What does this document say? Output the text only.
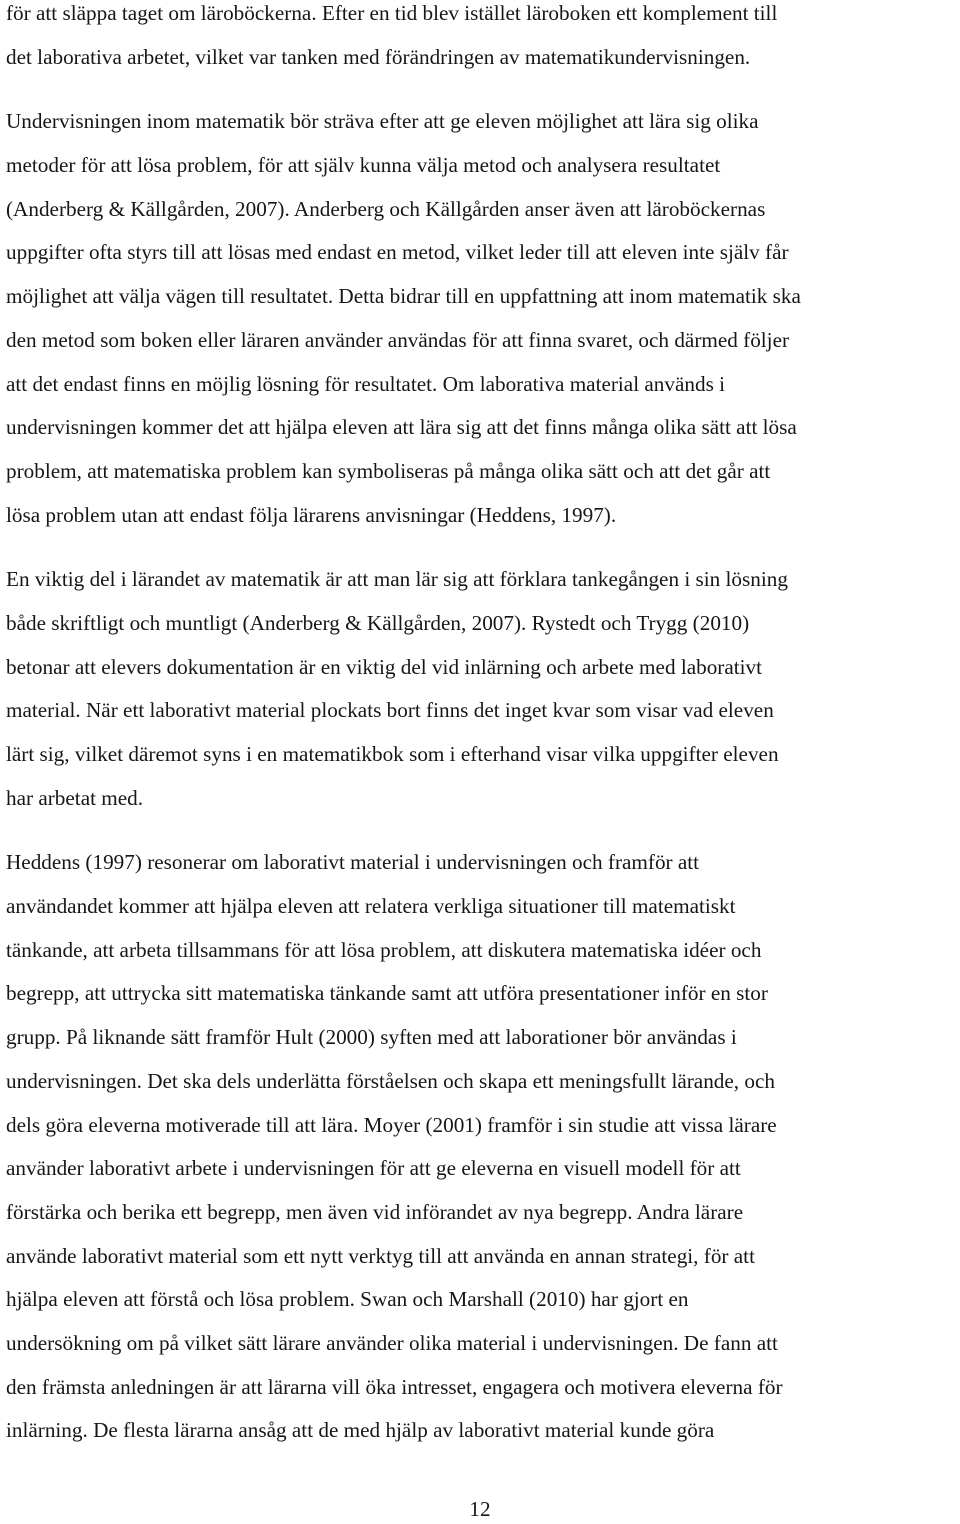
för att släppa taget om läroböckerna. Efter en tid blev istället läroboken ett komplement till
det laborativa arbetet, vilket var tanken med förändringen av matematikundervisningen.
Undervisningen inom matematik bör sträva efter att ge eleven möjlighet att lära sig olika
metoder för att lösa problem, för att själv kunna välja metod och analysera resultatet
(Anderberg & Källgården, 2007). Anderberg och Källgården anser även att läroböckernas
uppgifter ofta styrs till att lösas med endast en metod, vilket leder till att eleven inte själv får
möjlighet att välja vägen till resultatet. Detta bidrar till en uppfattning att inom matematik ska
den metod som boken eller läraren använder användas för att finna svaret, och därmed följer
att det endast finns en möjlig lösning för resultatet. Om laborativa material används i
undervisningen kommer det att hjälpa eleven att lära sig att det finns många olika sätt att lösa
problem, att matematiska problem kan symboliseras på många olika sätt och att det går att
lösa problem utan att endast följa lärarens anvisningar (Heddens, 1997).
En viktig del i lärandet av matematik är att man lär sig att förklara tankegången i sin lösning
både skriftligt och muntligt (Anderberg & Källgården, 2007). Rystedt och Trygg (2010)
betonar att elevers dokumentation är en viktig del vid inlärning och arbete med laborativt
material. När ett laborativt material plockats bort finns det inget kvar som visar vad eleven
lärt sig, vilket däremot syns i en matematikbok som i efterhand visar vilka uppgifter eleven
har arbetat med.
Heddens (1997) resonerar om laborativt material i undervisningen och framför att
användandet kommer att hjälpa eleven att relatera verkliga situationer till matematiskt
tänkande, att arbeta tillsammans för att lösa problem, att diskutera matematiska idéer och
begrepp, att uttrycka sitt matematiska tänkande samt att utföra presentationer inför en stor
grupp. På liknande sätt framför Hult (2000) syften med att laborationer bör användas i
undervisningen. Det ska dels underlätta förståelsen och skapa ett meningsfullt lärande, och
dels göra eleverna motiverade till att lära. Moyer (2001) framför i sin studie att vissa lärare
använder laborativt arbete i undervisningen för att ge eleverna en visuell modell för att
förstärka och berika ett begrepp, men även vid införandet av nya begrepp. Andra lärare
använde laborativt material som ett nytt verktyg till att använda en annan strategi, för att
hjälpa eleven att förstå och lösa problem. Swan och Marshall (2010) har gjort en
undersökning om på vilket sätt lärare använder olika material i undervisningen. De fann att
den främsta anledningen är att lärarna vill öka intresset, engagera och motivera eleverna för
inlärning. De flesta lärarna ansåg att de med hjälp av laborativt material kunde göra
12
